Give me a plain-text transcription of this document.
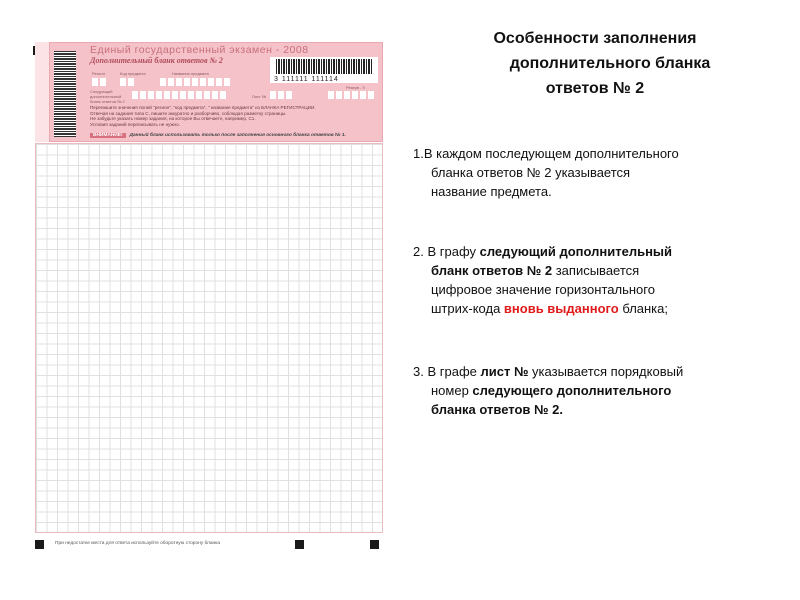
Единый государственный экзамен - 2008
Дополнительный бланк ответов № 2
3 111111 111114
Регион	Код предмета	Название предмета
Следующий дополнительный бланк ответов № 2
Лист №
Резерв - 9
Перепишите значения полей "регион", "код предмета", " название предмета" из БЛАНКА РЕГИСТРАЦИИ.
Отвечая на задания типа С, пишите аккуратно и разборчиво, соблюдая разметку страницы.
Не забудьте указать номер задания, на которое Вы отвечаете, например, С1.
Условия заданий переписывать не нужно.
ВНИМАНИЕ! Данный бланк использовать только после заполнения основного бланка ответов № 1.
При недостатке места для ответа используйте оборотную сторону бланка
Особенности заполнения
дополнительного бланка
ответов № 2
1.В каждом последующем дополнительного
бланка ответов № 2 указывается
название предмета.
2. В графу следующий дополнительный
бланк ответов № 2 записывается
цифровое значение горизонтального
штрих-кода вновь выданного бланка;
3. В графе лист № указывается порядковый
номер следующего дополнительного
бланка ответов № 2.
